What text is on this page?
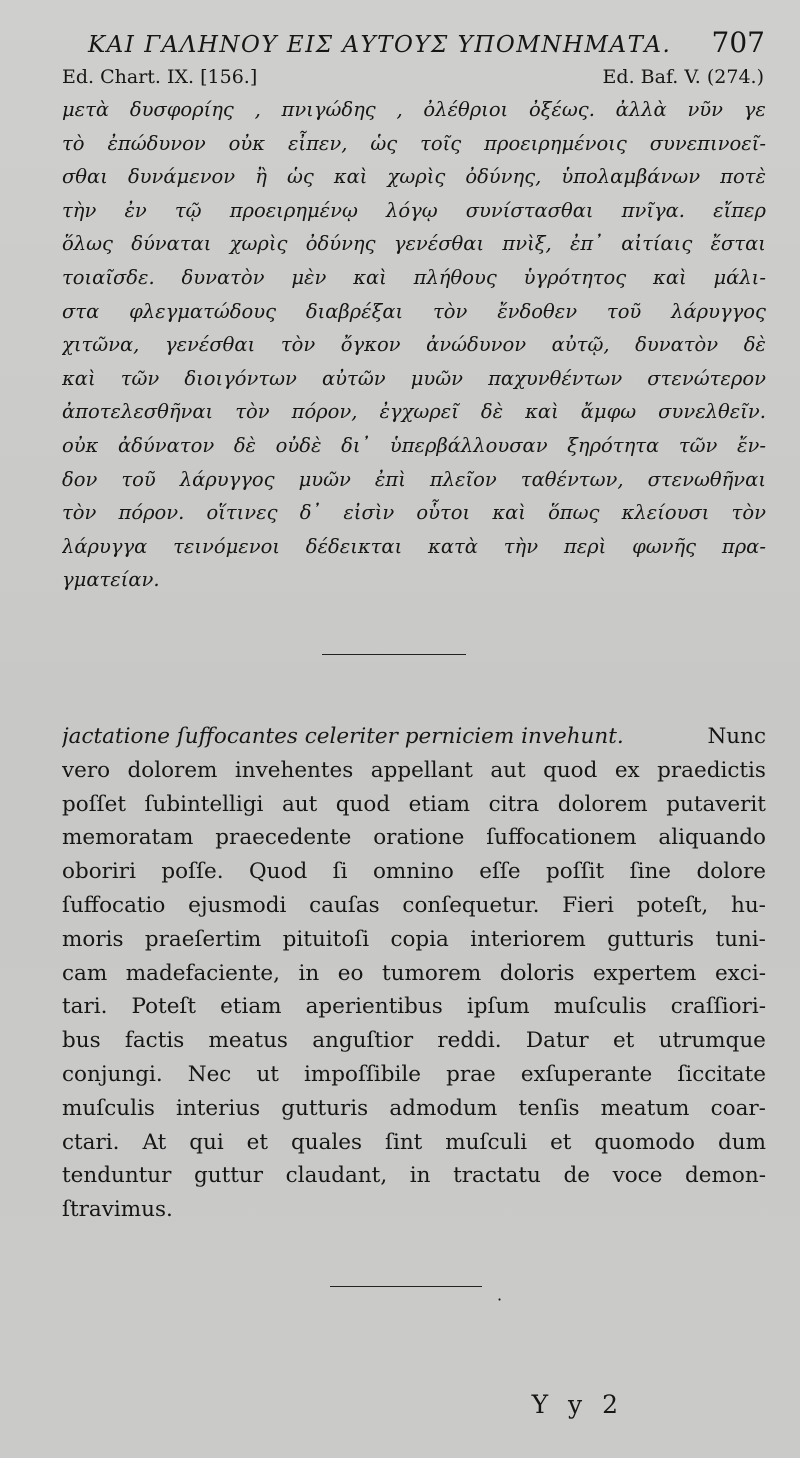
ΚΑΙ ΓΑΛΗΝΟΥ ΕΙΣ ΑΥΤΟΥΣ ΥΠΟΜΝΗΜΑΤΑ. 707
Ed. Chart. IX. [156.]	Ed. Baf. V. (274.)
μετὰ δυσφορίης , πνιγώδης , ὀλέθριοι ὀξέως. ἀλλὰ νῦν γε
τὸ ἐπώδυνον οὐκ εἶπεν, ὡς τοῖς προειρημένοις συνεπινοεῖ-
σθαι δυνάμενον ἢ ὡς καὶ χωρὶς ὀδύνης, ὑπολαμβάνων ποτὲ
τὴν ἐν τῷ προειρημένῳ λόγῳ συνίστασθαι πνῖγα. εἴπερ
ὅλως δύναται χωρὶς ὀδύνης γενέσθαι πνὶξ, ἐπ᾽ αἰτίαις ἔσται
τοιαῖσδε. δυνατὸν μὲν καὶ πλήθους ὑγρότητος καὶ μάλι-
στα φλεγματώδους διαβρέξαι τὸν ἔνδοθεν τοῦ λάρυγγος
χιτῶνα, γενέσθαι τὸν ὄγκον ἀνώδυνον αὐτῷ, δυνατὸν δὲ
καὶ τῶν διοιγόντων αὐτῶν μυῶν παχυνθέντων στενώτερον
ἀποτελεσθῆναι τὸν πόρον, ἐγχωρεῖ δὲ καὶ ἄμφω συνελθεῖν.
οὐκ ἀδύνατον δὲ οὐδὲ δι᾽ ὑπερβάλλουσαν ξηρότητα τῶν ἔν-
δον τοῦ λάρυγγος μυῶν ἐπὶ πλεῖον ταθέντων, στενωθῆναι
τὸν πόρον. οἵτινες δ᾽ εἰσὶν οὗτοι καὶ ὅπως κλείουσι τὸν
λάρυγγα τεινόμενοι δέδεικται κατὰ τὴν περὶ φωνῆς πρα-
γματείαν.
jactatione ſuffocantes celeriter perniciem invehunt.	Nunc
vero dolorem invehentes appellant aut quod ex praedictis
poſſet ſubintelligi aut quod etiam citra dolorem putaverit
memoratam praecedente oratione ſuffocationem aliquando
oboriri poſſe. Quod ſi omnino eſſe poſſit ſine dolore
ſuffocatio ejusmodi cauſas conſequetur. Fieri poteſt, hu-
moris praeſertim pituitoſi copia interiorem gutturis tuni-
cam madefaciente, in eo tumorem doloris expertem exci-
tari. Poteſt etiam aperientibus ipſum muſculis craſſiori-
bus factis meatus anguſtior reddi. Datur et utrumque
conjungi. Nec ut impoſſibile prae exſuperante ſiccitate
muſculis interius gutturis admodum tenſis meatum coar-
ctari. At qui et quales ſint muſculi et quomodo dum
tenduntur guttur claudant, in tractatu de voce demon-
ſtravimus.
·
Y y 2
